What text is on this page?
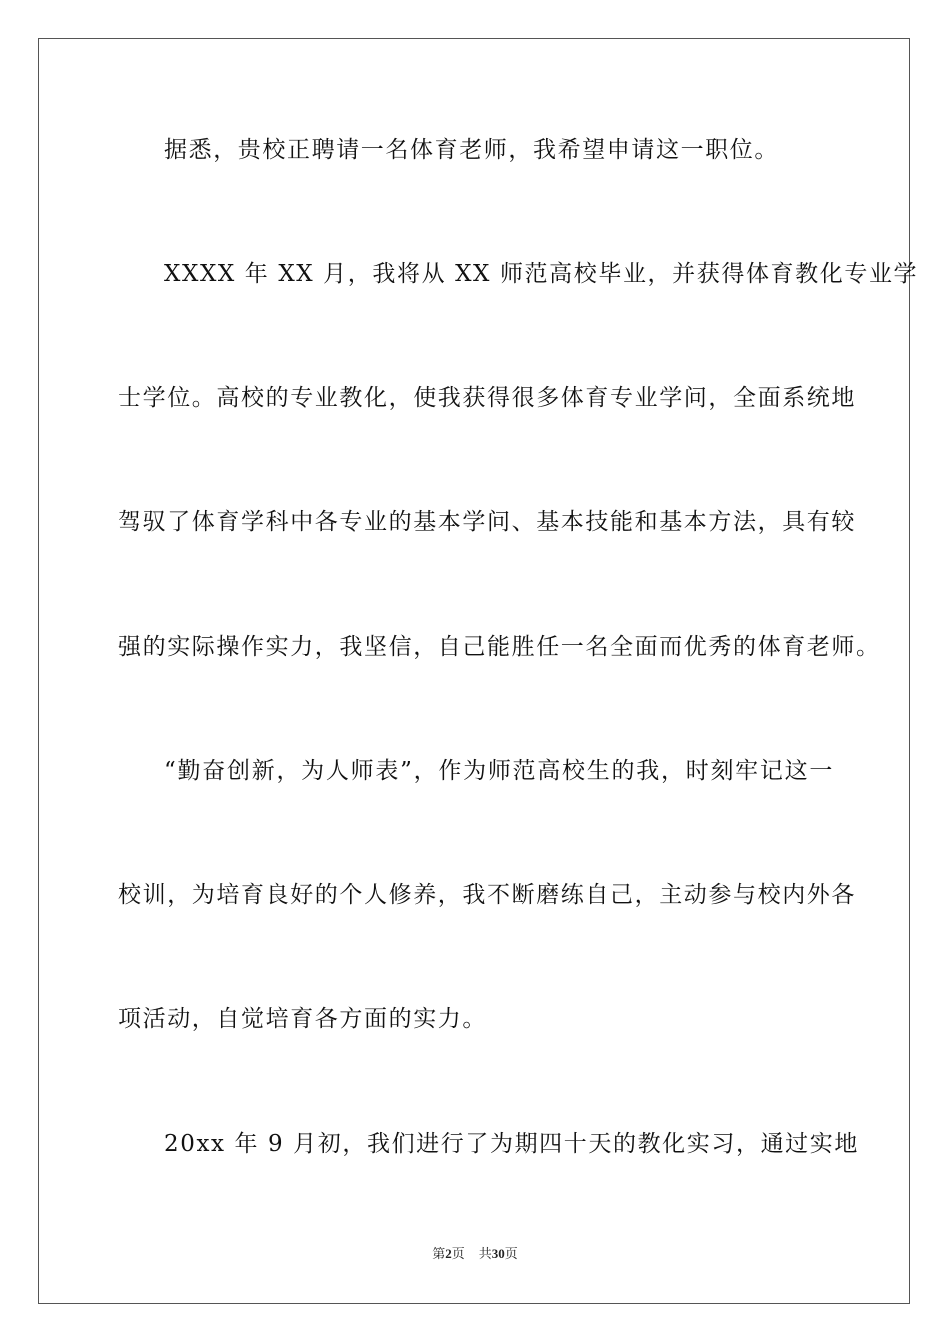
据悉，贵校正聘请一名体育老师，我希望申请这一职位。
XXXX 年 XX 月，我将从 XX 师范高校毕业，并获得体育教化专业学
士学位。高校的专业教化，使我获得很多体育专业学问，全面系统地
驾驭了体育学科中各专业的基本学问、基本技能和基本方法，具有较
强的实际操作实力，我坚信，自己能胜任一名全面而优秀的体育老师。
“勤奋创新，为人师表”，作为师范高校生的我，时刻牢记这一
校训，为培育良好的个人修养，我不断磨练自己，主动参与校内外各
项活动，自觉培育各方面的实力。
20xx 年 9 月初，我们进行了为期四十天的教化实习，通过实地
第2页 共30页
